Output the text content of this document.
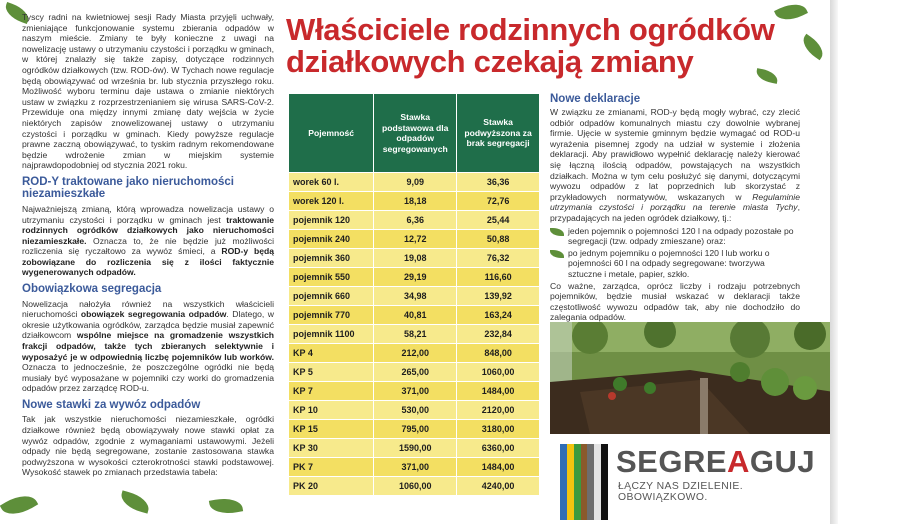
Tyscy radni na kwietniowej sesji Rady Miasta przyjęli uchwały, zmieniające funkcjonowanie systemu zbierania odpadów w naszym mieście. Zmiany te były konieczne z uwagi na nowelizację ustawy o utrzymaniu czystości i porządku w gminach, w której znalazły się także zapisy, dotyczące rodzinnych ogródków działkowych (tzw. ROD-ów). W Tychach nowe regulacje będą obowiązywać od września br. lub stycznia przyszłego roku. Możliwość wyboru terminu daje ustawa o zmianie niektórych ustaw w związku z rozprzestrzenianiem się wirusa SARS-CoV-2. Przewiduje ona między innymi zmianę daty wejścia w życie niektórych zapisów znowelizowanej ustawy o utrzymaniu czystości i porządku w gminach. Kiedy powyższe regulacje prawne zaczną obowiązywać, to tyskim radnym rekomendowane będzie wdrożenie zmian w miejskim systemie najprawdopodobniej od stycznia 2021 roku.

ROD-Y traktowane jako nieruchomości niezamieszkałe

Najważniejszą zmianą, którą wprowadza nowelizacja ustawy o utrzymaniu czystości i porządku w gminach jest traktowanie rodzinnych ogródków działkowych jako nieruchomości niezamieszkałe. Oznacza to, że nie będzie już możliwości rozliczenia się ryczałtowo za wywóz śmieci, a ROD-y będą zobowiązane do rozliczenia się z ilości faktycznie wygenerowanych odpadów.

Obowiązkowa segregacja

Nowelizacja nałożyła również na wszystkich właścicieli nieruchomości obowiązek segregowania odpadów. Dlatego, w okresie użytkowania ogródków, zarządca będzie musiał zapewnić działkowcom wspólne miejsce na gromadzenie wszystkich frakcji odpadów, także tych zbieranych selektywnie i wyposażyć je w odpowiednią liczbę pojemników lub worków. Oznacza to jednocześnie, że poszczególne ogródki nie będą musiały być wyposażane w pojemniki czy worki do gromadzenia odpadów przez zarządcę ROD-u.

Nowe stawki za wywóz odpadów

Tak jak wszystkie nieruchomości niezamieszkałe, ogródki działkowe również będą obowiązywały nowe stawki opłat za wywóz odpadów, zgodnie z wymaganiami ustawowymi. Jeżeli odpady nie będą segregowane, zostanie zastosowana stawka podwyższona w wysokości czterokrotności stawki podstawowej. Wysokość stawek po zmianach przedstawia tabela:

Właściciele rodzinnych ogródków
działkowych czekają zmiany
Pojemność	Stawka podstawowa dla odpadów segregowanych	Stawka podwyższona za brak segregacji
worek 60 l.	9,09	36,36
worek 120 l.	18,18	72,76
pojemnik 120	6,36	25,44
pojemnik 240	12,72	50,88
pojemnik 360	19,08	76,32
pojemnik 550	29,19	116,60
pojemnik 660	34,98	139,92
pojemnik 770	40,81	163,24
pojemnik 1100	58,21	232,84
KP 4	212,00	848,00
KP 5	265,00	1060,00
KP 7	371,00	1484,00
KP 10	530,00	2120,00
KP 15	795,00	3180,00
KP 30	1590,00	6360,00
PK 7	371,00	1484,00
PK 20	1060,00	4240,00
Nowe deklaracje

W związku ze zmianami, ROD-y będą mogły wybrać, czy zlecić odbiór odpadów komunalnych miastu czy dowolnie wybranej firmie. Ujęcie w systemie gminnym będzie wymagać od ROD-u wyrażenia pisemnej zgody na udział w systemie i złożenia deklaracji. Aby prawidłowo wypełnić deklarację należy kierować się łączną ilością odpadów, powstających na wszystkich działkach. Można w tym celu posłużyć się danymi, dotyczącymi wywozu odpadów z lat poprzednich lub skorzystać z przykładowych normatywów, wskazanych w Regulaminie utrzymania czystości i porządku na terenie miasta Tychy, przypadających na jeden ogródek działkowy, tj.:

jeden pojemnik o pojemności 120 l na odpady pozostałe po segregacji (tzw. odpady zmieszane) oraz:
po jednym pojemniku o pojemności 120 l lub worku o pojemności 60 l na odpady segregowane: tworzywa sztuczne i metale, papier, szkło.

Co ważne, zarządca, oprócz liczby i rodzaju potrzebnych pojemników, będzie musiał wskazać w deklaracji także częstotliwość wywozu odpadów tak, aby nie dochodziło do zalegania odpadów.

SEGREAGUJ
ŁĄCZY NAS DZIELENIE. OBOWIĄZKOWO.
